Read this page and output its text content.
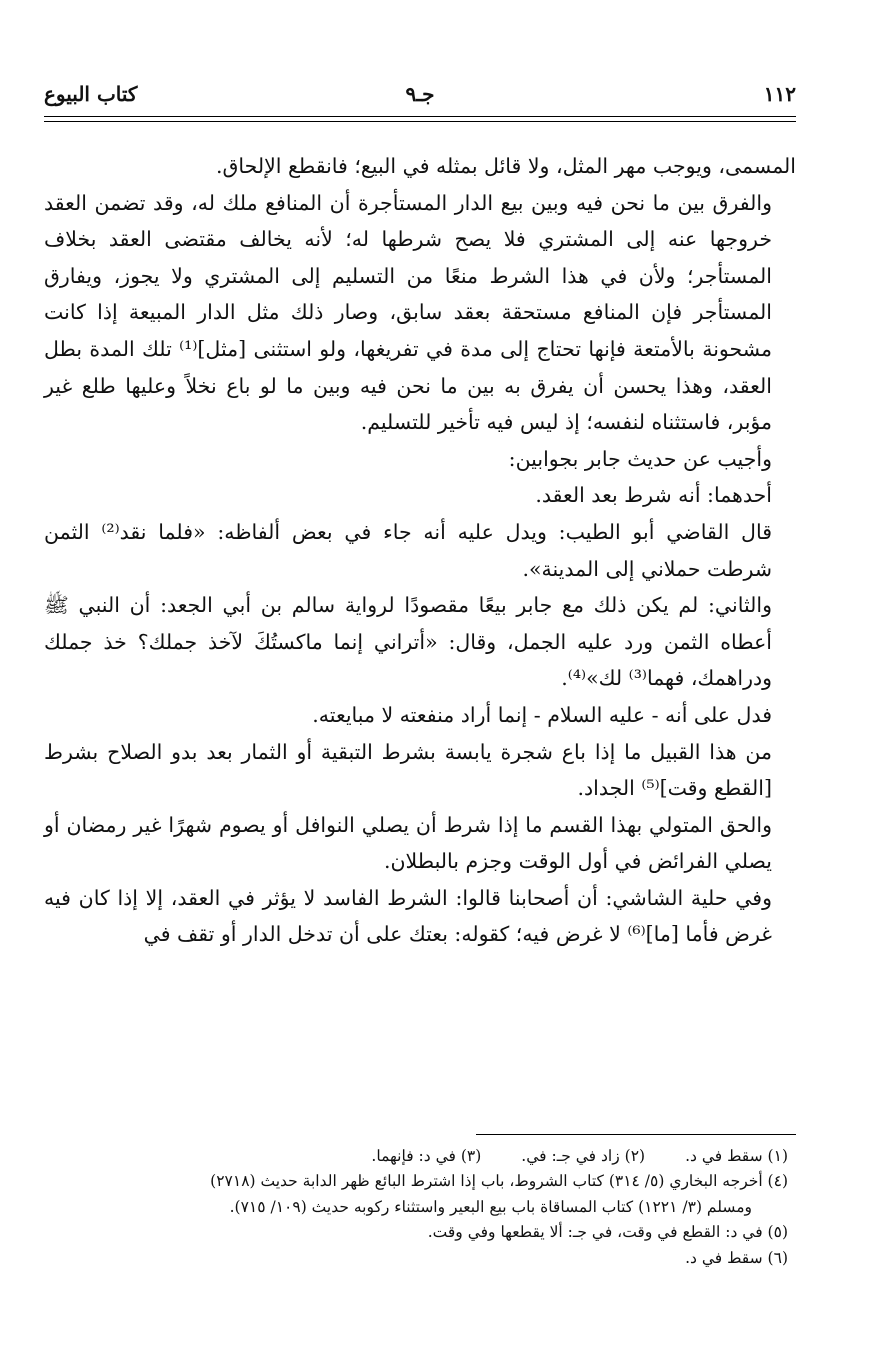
١١٢
جـ٩
كتاب البيوع

المسمى، ويوجب مهر المثل، ولا قائل بمثله في البيع؛ فانقطع الإلحاق.

والفرق بين ما نحن فيه وبين بيع الدار المستأجرة أن المنافع ملك له، وقد تضمن العقد خروجها عنه إلى المشتري فلا يصح شرطها له؛ لأنه يخالف مقتضى العقد بخلاف المستأجر؛ ولأن في هذا الشرط منعًا من التسليم إلى المشتري ولا يجوز، ويفارق المستأجر فإن المنافع مستحقة بعقد سابق، وصار ذلك مثل الدار المبيعة إذا كانت مشحونة بالأمتعة فإنها تحتاج إلى مدة في تفريغها، ولو استثنى [مثل]⁽¹⁾ تلك المدة بطل العقد، وهذا يحسن أن يفرق به بين ما نحن فيه وبين ما لو باع نخلاً وعليها طلع غير مؤبر، فاستثناه لنفسه؛ إذ ليس فيه تأخير للتسليم.

وأجيب عن حديث جابر بجوابين:

أحدهما: أنه شرط بعد العقد.

قال القاضي أبو الطيب: ويدل عليه أنه جاء في بعض ألفاظه: «فلما نقد⁽²⁾ الثمن شرطت حملاني إلى المدينة».

والثاني: لم يكن ذلك مع جابر بيعًا مقصودًا لرواية سالم بن أبي الجعد: أن النبي ﷺ أعطاه الثمن ورد عليه الجمل، وقال: «أتراني إنما ماكستُكَ لآخذ جملك؟ خذ جملك ودراهمك، فهما⁽³⁾ لك»⁽⁴⁾.

فدل على أنه - عليه السلام - إنما أراد منفعته لا مبايعته.

من هذا القبيل ما إذا باع شجرة يابسة بشرط التبقية أو الثمار بعد بدو الصلاح بشرط [القطع وقت]⁽⁵⁾ الجداد.

والحق المتولي بهذا القسم ما إذا شرط أن يصلي النوافل أو يصوم شهرًا غير رمضان أو يصلي الفرائض في أول الوقت وجزم بالبطلان.

وفي حلية الشاشي: أن أصحابنا قالوا: الشرط الفاسد لا يؤثر في العقد، إلا إذا كان فيه غرض فأما [ما]⁽⁶⁾ لا غرض فيه؛ كقوله: بعتك على أن تدخل الدار أو تقف في

(١) سقط في د.
(٢) زاد في جـ: في.
(٣) في د: فإنهما.
(٤) أخرجه البخاري (٥/ ٣١٤) كتاب الشروط، باب إذا اشترط البائع ظهر الدابة حديث (٢٧١٨)
ومسلم (٣/ ١٢٢١) كتاب المساقاة باب بيع البعير واستثناء ركوبه حديث (١٠٩/ ٧١٥).
(٥) في د: القطع في وقت، في جـ: ألا يقطعها وفي وقت.
(٦) سقط في د.
